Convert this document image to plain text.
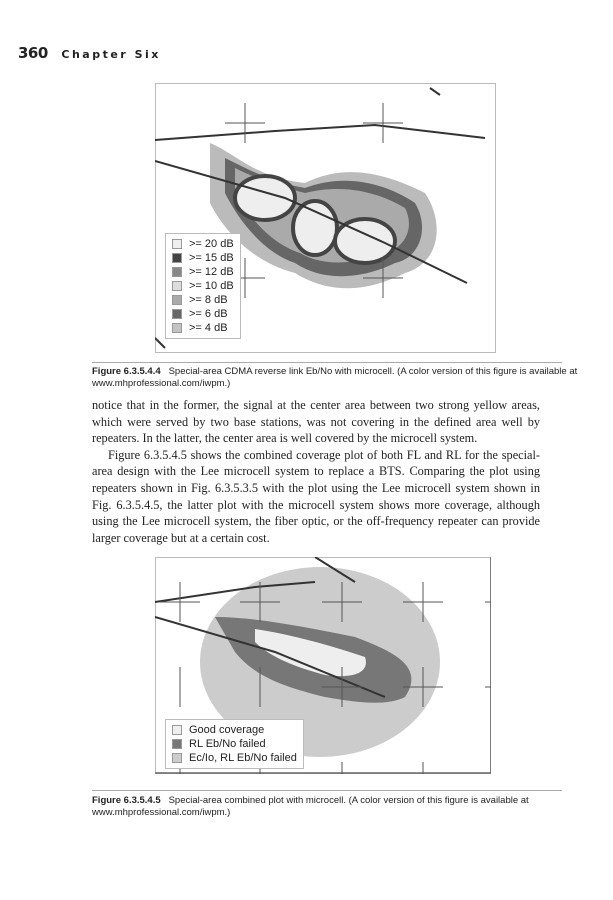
360 Chapter Six
>= 20 dB
>= 15 dB
>= 12 dB
>= 10 dB
>= 8 dB
>= 6 dB
>= 4 dB
Figure 6.3.5.4.4 Special-area CDMA reverse link Eb/No with microcell. (A color version of this figure is available at www.mhprofessional.com/iwpm.)
notice that in the former, the signal at the center area between two strong yellow areas,
which were served by two base stations, was not covering in the defined area well by
repeaters. In the latter, the center area is well covered by the microcell system.
Figure 6.3.5.4.5 shows the combined coverage plot of both FL and RL for the special-
area design with the Lee microcell system to replace a BTS. Comparing the plot using
repeaters shown in Fig. 6.3.5.3.5 with the plot using the Lee microcell system shown in
Fig. 6.3.5.4.5, the latter plot with the microcell system shows more coverage, although
using the Lee microcell system, the fiber optic, or the off-frequency repeater can provide
larger coverage but at a certain cost.
Good coverage
RL Eb/No failed
Ec/Io, RL Eb/No failed
Figure 6.3.5.4.5 Special-area combined plot with microcell. (A color version of this figure is available at www.mhprofessional.com/iwpm.)
